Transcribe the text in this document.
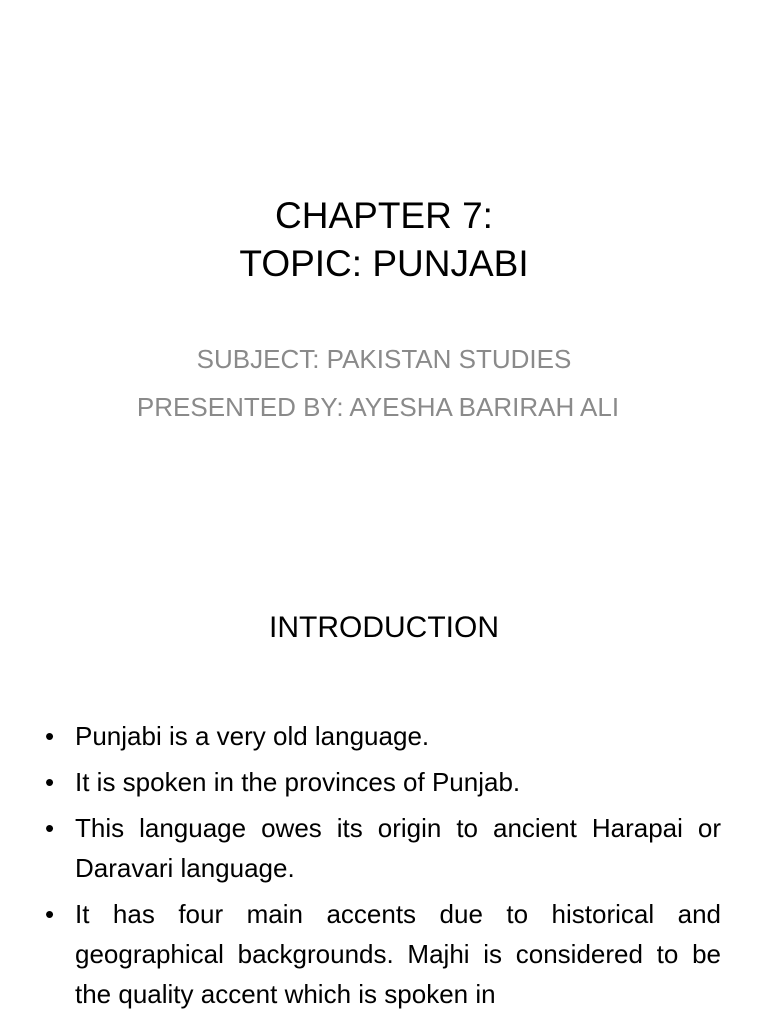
CHAPTER 7:
TOPIC: PUNJABI
SUBJECT: PAKISTAN STUDIES
PRESENTED BY: AYESHA BARIRAH ALI
INTRODUCTION
• Punjabi is a very old language.
• It is spoken in the provinces of Punjab.
• This language owes its origin to ancient Harapai or Daravari language.
• It has four main accents due to historical and geographical backgrounds. Majhi is considered to be the quality accent which is spoken in
